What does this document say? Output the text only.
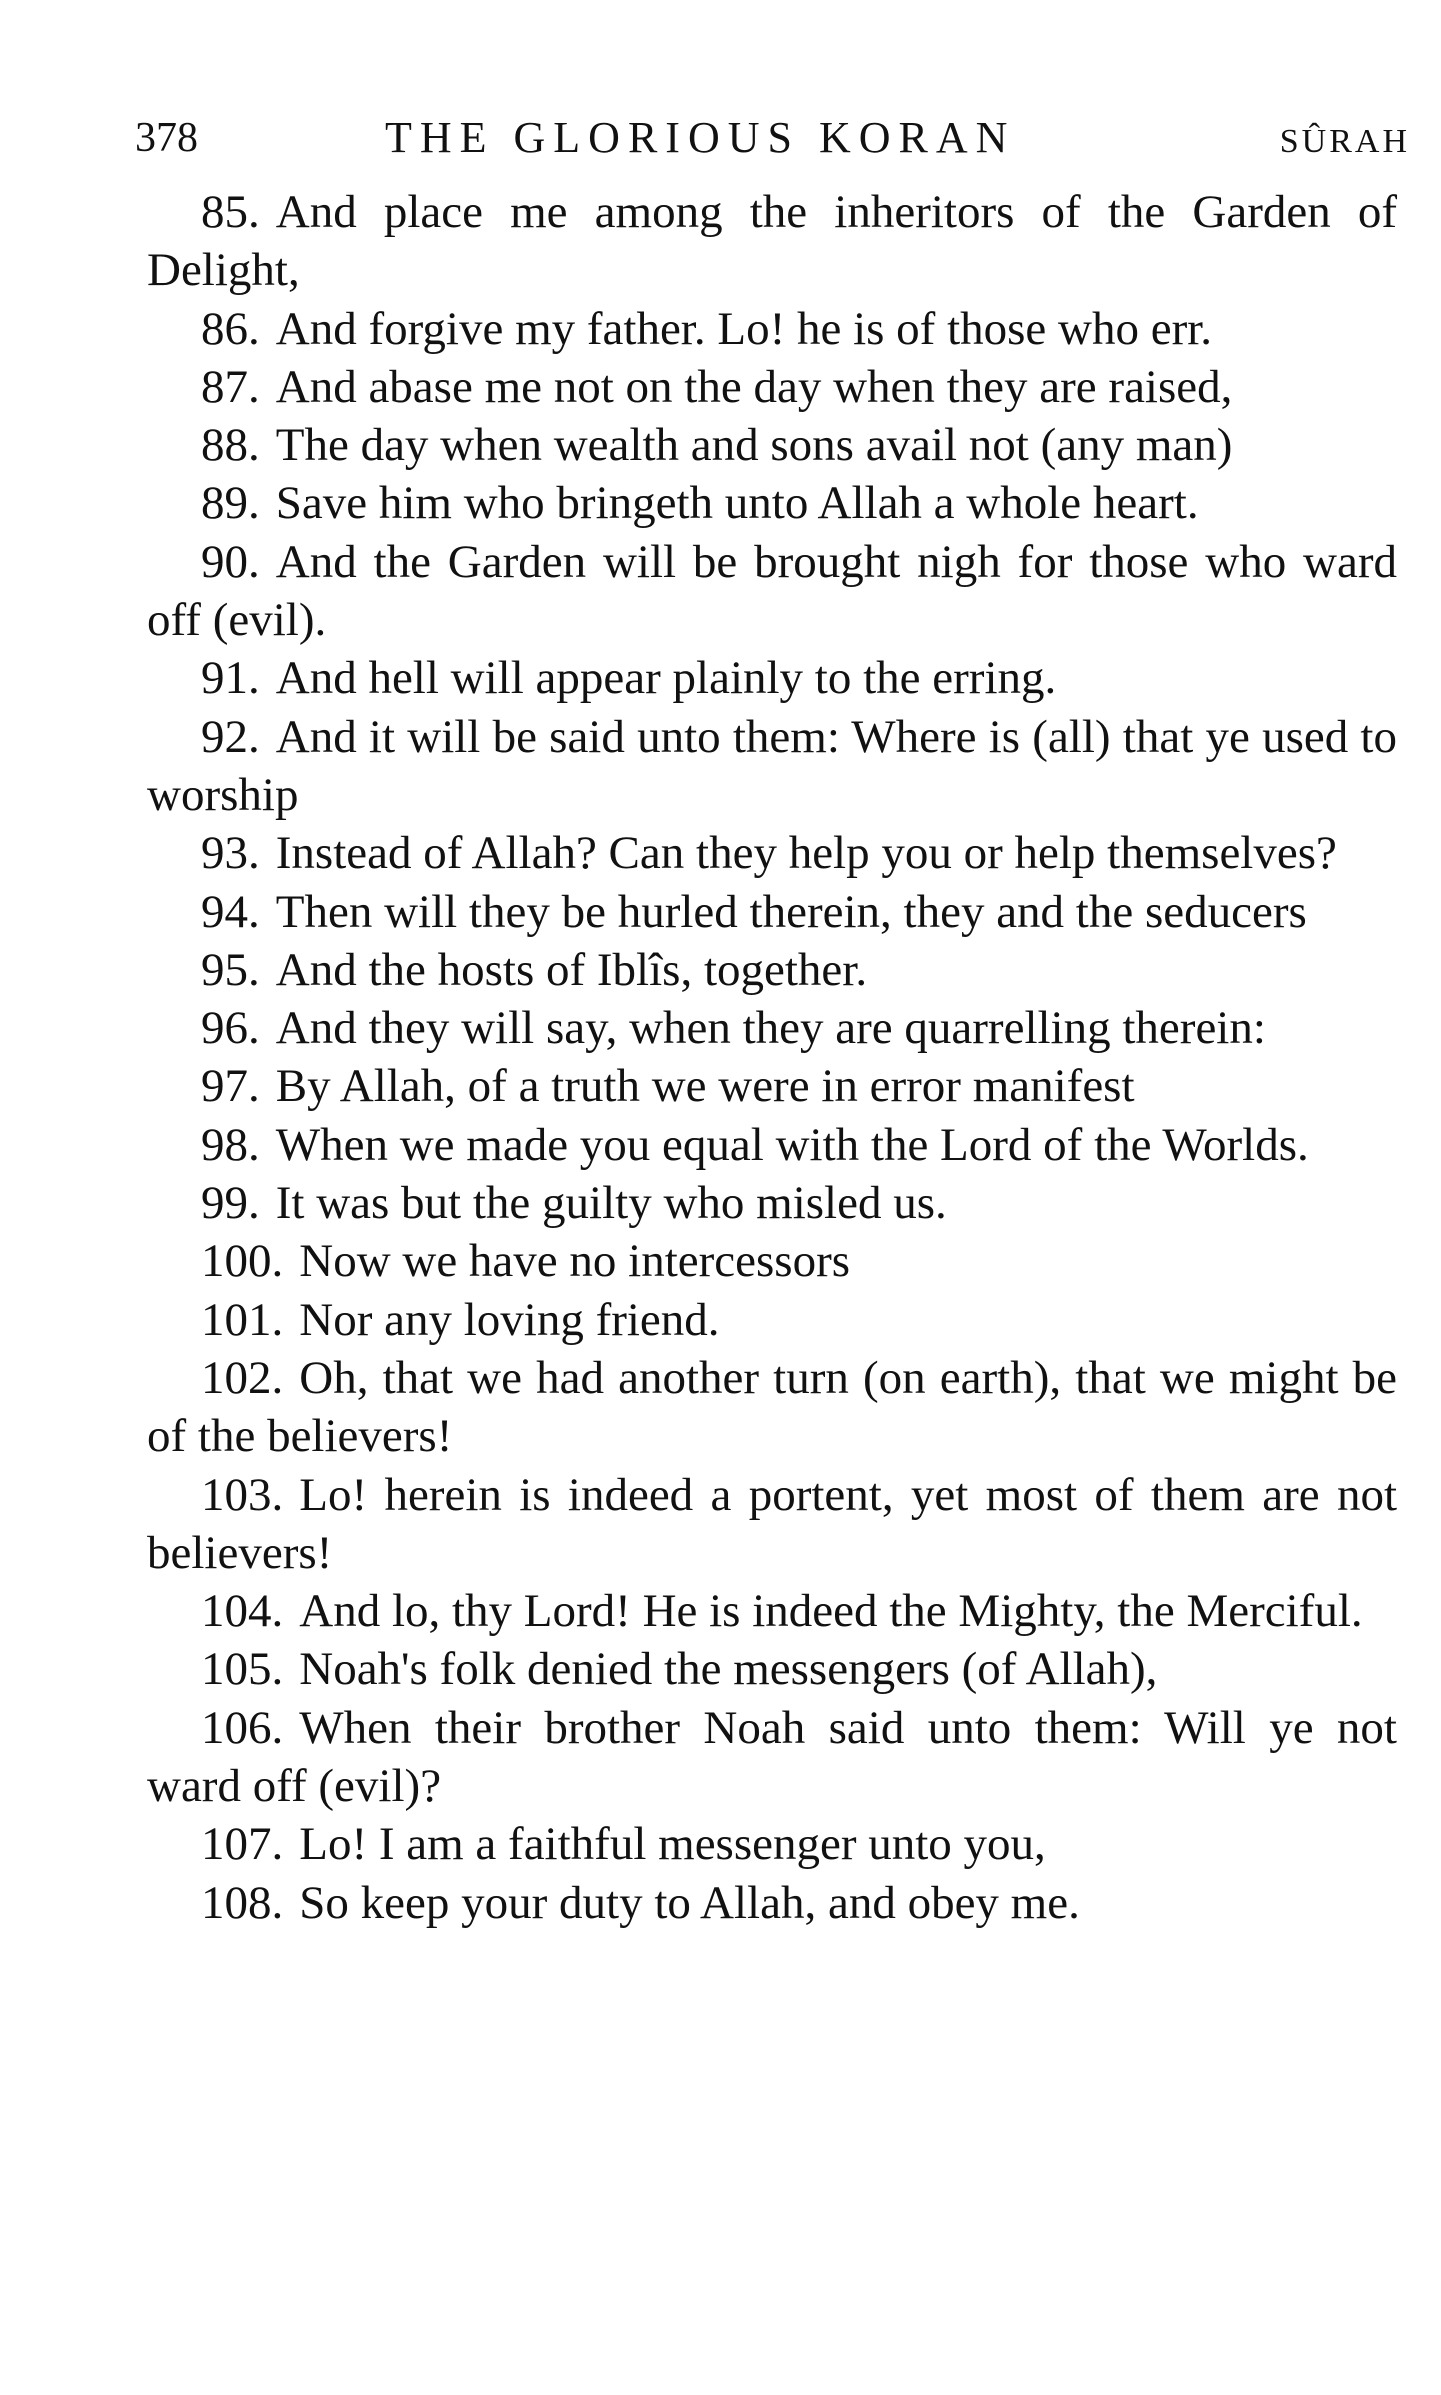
378	THE GLORIOUS KORAN	SÛRAH

85. And place me among the inheritors of the Garden of Delight,

86. And forgive my father. Lo! he is of those who err.

87. And abase me not on the day when they are raised,

88. The day when wealth and sons avail not (any man)

89. Save him who bringeth unto Allah a whole heart.

90. And the Garden will be brought nigh for those who ward off (evil).

91. And hell will appear plainly to the erring.

92. And it will be said unto them: Where is (all) that ye used to worship

93. Instead of Allah? Can they help you or help themselves?

94. Then will they be hurled therein, they and the seducers

95. And the hosts of Iblîs, together.

96. And they will say, when they are quarrelling therein:

97. By Allah, of a truth we were in error manifest

98. When we made you equal with the Lord of the Worlds.

99. It was but the guilty who misled us.

100. Now we have no intercessors

101. Nor any loving friend.

102. Oh, that we had another turn (on earth), that we might be of the believers!

103. Lo! herein is indeed a portent, yet most of them are not believers!

104. And lo, thy Lord! He is indeed the Mighty, the Merciful.

105. Noah's folk denied the messengers (of Allah),

106. When their brother Noah said unto them: Will ye not ward off (evil)?

107. Lo! I am a faithful messenger unto you,

108. So keep your duty to Allah, and obey me.
